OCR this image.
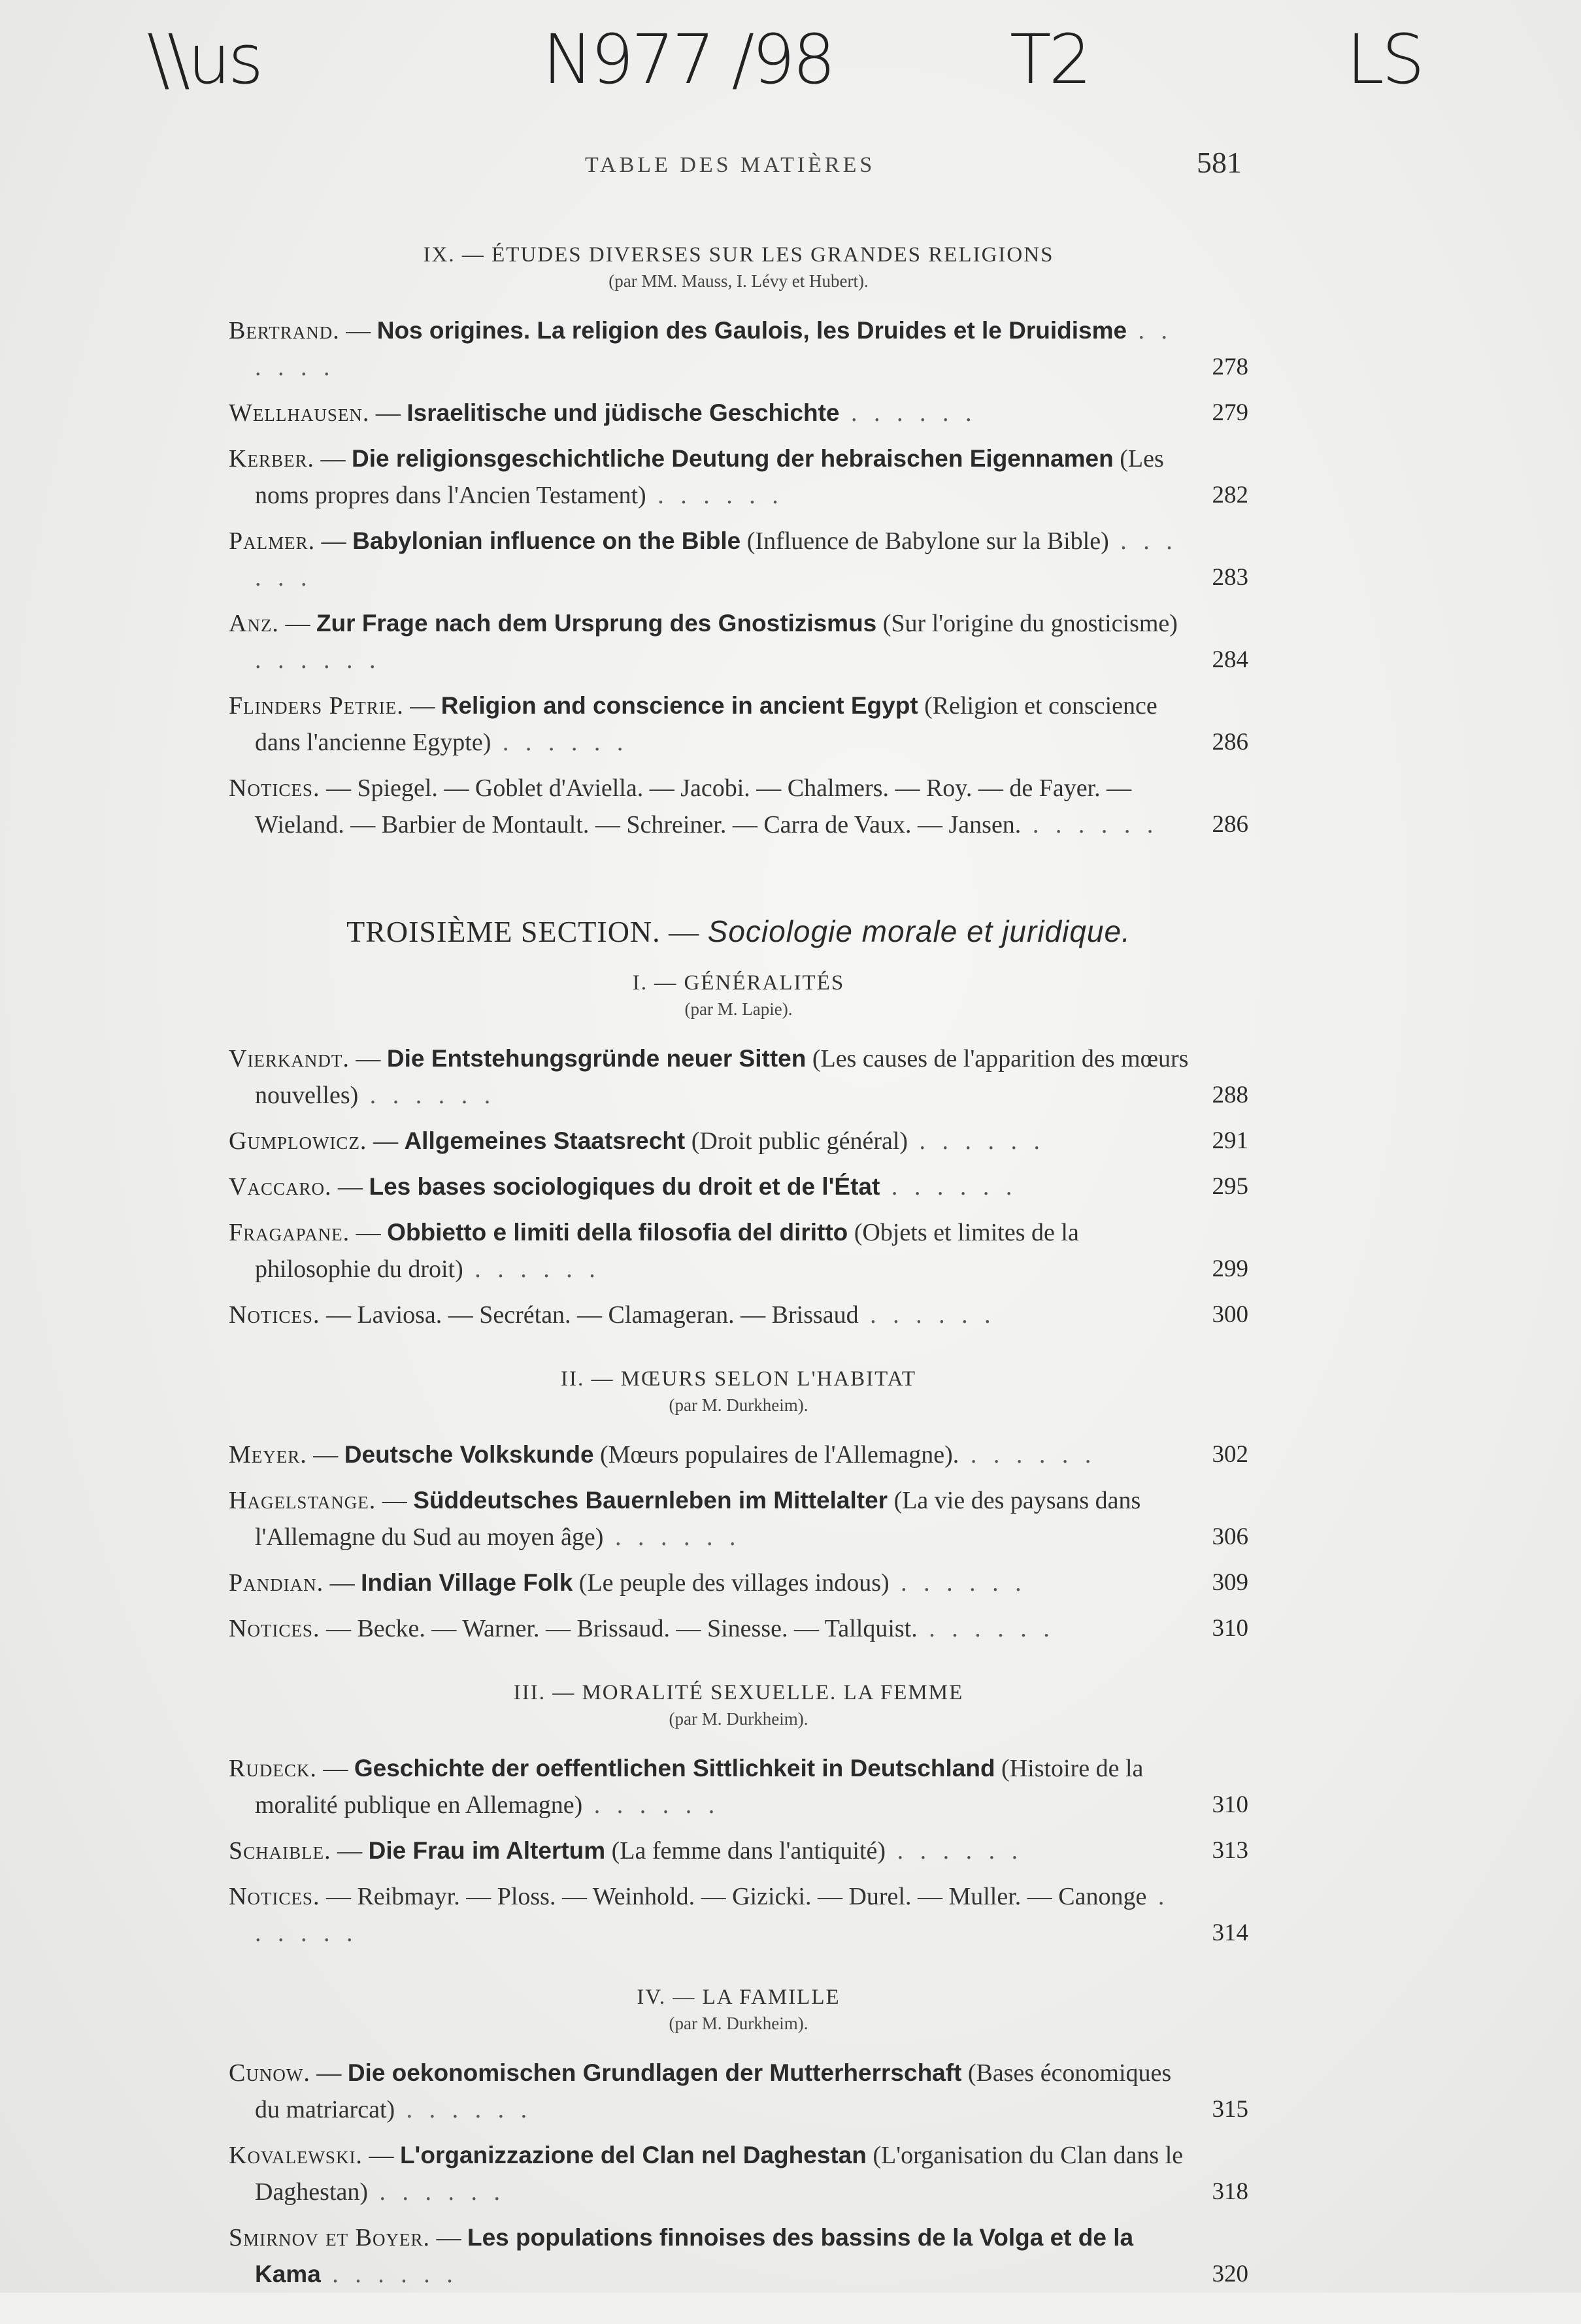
\\us	N977 /98	T2	LS
TABLE DES MATIÈRES	581

IX. — ÉTUDES DIVERSES SUR LES GRANDES RELIGIONS

(par MM. Mauss, I. Lévy et Hubert).

Bertrand. — Nos origines. La religion des Gaulois, les Druides et le Druidisme . . . . . .	278
Wellhausen. — Israelitische und jüdische Geschichte . . . . . .	279
Kerber. — Die religionsgeschichtliche Deutung der hebraischen Eigennamen (Les noms propres dans l'Ancien Testament) . . . . . .	282
Palmer. — Babylonian influence on the Bible (Influence de Babylone sur la Bible) . . . . . .	283
Anz. — Zur Frage nach dem Ursprung des Gnostizismus (Sur l'origine du gnosticisme) . . . . . .	284
Flinders Petrie. — Religion and conscience in ancient Egypt (Religion et conscience dans l'ancienne Egypte) . . . . . .	286
Notices. — Spiegel. — Goblet d'Aviella. — Jacobi. — Chalmers. — Roy. — de Fayer. — Wieland. — Barbier de Montault. — Schreiner. — Carra de Vaux. — Jansen. . . . . . .	286
TROISIÈME SECTION. — Sociologie morale et juridique.

I. — GÉNÉRALITÉS

(par M. Lapie).

Vierkandt. — Die Entstehungsgründe neuer Sitten (Les causes de l'apparition des mœurs nouvelles) . . . . . .	288
Gumplowicz. — Allgemeines Staatsrecht (Droit public général) . . . . . .	291
Vaccaro. — Les bases sociologiques du droit et de l'État . . . . . .	295
Fragapane. — Obbietto e limiti della filosofia del diritto (Objets et limites de la philosophie du droit) . . . . . .	299
Notices. — Laviosa. — Secrétan. — Clamageran. — Brissaud . . . . . .	300

II. — MŒURS SELON L'HABITAT

(par M. Durkheim).

Meyer. — Deutsche Volkskunde (Mœurs populaires de l'Allemagne). . . . . . .	302
Hagelstange. — Süddeutsches Bauernleben im Mittelalter (La vie des paysans dans l'Allemagne du Sud au moyen âge) . . . . . .	306
Pandian. — Indian Village Folk (Le peuple des villages indous) . . . . . .	309
Notices. — Becke. — Warner. — Brissaud. — Sinesse. — Tallquist. . . . . . .	310

III. — MORALITÉ SEXUELLE. LA FEMME

(par M. Durkheim).

Rudeck. — Geschichte der oeffentlichen Sittlichkeit in Deutschland (Histoire de la moralité publique en Allemagne) . . . . . .	310
Schaible. — Die Frau im Altertum (La femme dans l'antiquité) . . . . . .	313
Notices. — Reibmayr. — Ploss. — Weinhold. — Gizicki. — Durel. — Muller. — Canonge . . . . . .	314

IV. — LA FAMILLE

(par M. Durkheim).

Cunow. — Die oekonomischen Grundlagen der Mutterherrschaft (Bases économiques du matriarcat) . . . . . .	315
Kovalewski. — L'organizzazione del Clan nel Daghestan (L'organisation du Clan dans le Daghestan) . . . . . .	318
Smirnov et Boyer. — Les populations finnoises des bassins de la Volga et de la Kama . . . . . .	320
